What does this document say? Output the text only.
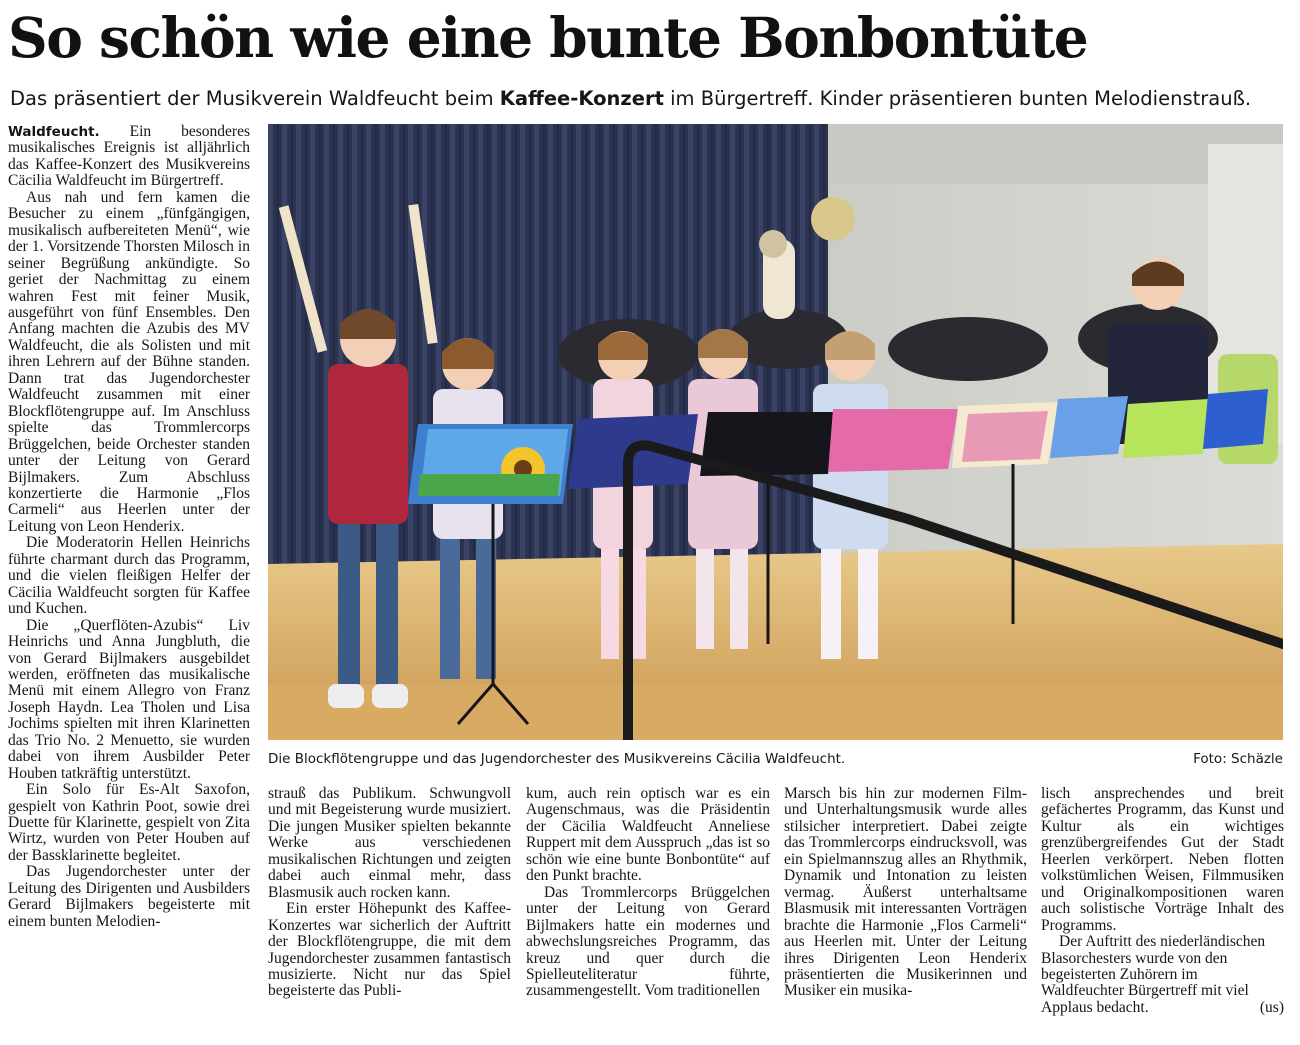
So schön wie eine bunte Bonbontüte

Das präsentiert der Musikverein Waldfeucht beim Kaffee-Konzert im Bürgertreff. Kinder präsentieren bunten Melodienstrauß.

Waldfeucht. Ein besonderes musikalisches Ereignis ist alljährlich das Kaffee-Konzert des Musikvereins Cäcilia Waldfeucht im Bürgertreff.

Aus nah und fern kamen die Besucher zu einem „fünfgängigen, musikalisch aufbereiteten Menü“, wie der 1. Vorsitzende Thorsten Milosch in seiner Begrüßung ankündigte. So geriet der Nachmittag zu einem wahren Fest mit feiner Musik, ausgeführt von fünf Ensembles. Den Anfang machten die Azubis des MV Waldfeucht, die als Solisten und mit ihren Lehrern auf der Bühne standen. Dann trat das Jugendorchester Waldfeucht zusammen mit einer Blockflötengruppe auf. Im Anschluss spielte das Trommlercorps Brüggelchen, beide Orchester standen unter der Leitung von Gerard Bijlmakers. Zum Abschluss konzertierte die Harmonie „Flos Carmeli“ aus Heerlen unter der Leitung von Leon Henderix.

Die Moderatorin Hellen Heinrichs führte charmant durch das Programm, und die vielen fleißigen Helfer der Cäcilia Waldfeucht sorgten für Kaffee und Kuchen.

Die „Querflöten-Azubis“ Liv Heinrichs und Anna Jungbluth, die von Gerard Bijlmakers ausgebildet werden, eröffneten das musikalische Menü mit einem Allegro von Franz Joseph Haydn. Lea Tholen und Lisa Jochims spielten mit ihren Klarinetten das Trio No. 2 Menuetto, sie wurden dabei von ihrem Ausbilder Peter Houben tatkräftig unterstützt.

Ein Solo für Es-Alt Saxofon, gespielt von Kathrin Poot, sowie drei Duette für Klarinette, gespielt von Zita Wirtz, wurden von Peter Houben auf der Bassklarinette begleitet.

Das Jugendorchester unter der Leitung des Dirigenten und Ausbilders Gerard Bijlmakers begeisterte mit einem bunten Melodien-

Die Blockflötengruppe und das Jugendorchester des Musikvereins Cäcilia Waldfeucht.	Foto: Schäzle

strauß das Publikum. Schwungvoll und mit Begeisterung wurde musiziert. Die jungen Musiker spielten bekannte Werke aus verschiedenen musikalischen Richtungen und zeigten dabei auch einmal mehr, dass Blasmusik auch rocken kann.

Ein erster Höhepunkt des Kaffee-Konzertes war sicherlich der Auftritt der Blockflötengruppe, die mit dem Jugendorchester zusammen fantastisch musizierte. Nicht nur das Spiel begeisterte das Publi-

kum, auch rein optisch war es ein Augenschmaus, was die Präsidentin der Cäcilia Waldfeucht Anneliese Ruppert mit dem Ausspruch „das ist so schön wie eine bunte Bonbontüte“ auf den Punkt brachte.

Das Trommlercorps Brüggelchen unter der Leitung von Gerard Bijlmakers hatte ein modernes und abwechslungsreiches Programm, das kreuz und quer durch die Spielleuteliteratur führte, zusammengestellt. Vom traditionellen

Marsch bis hin zur modernen Film- und Unterhaltungsmusik wurde alles stilsicher interpretiert. Dabei zeigte das Trommlercorps eindrucksvoll, was ein Spielmannszug alles an Rhythmik, Dynamik und Intonation zu leisten vermag. Äußerst unterhaltsame Blasmusik mit interessanten Vorträgen brachte die Harmonie „Flos Carmeli“ aus Heerlen mit. Unter der Leitung ihres Dirigenten Leon Henderix präsentierten die Musikerinnen und Musiker ein musika-

lisch ansprechendes und breit gefächertes Programm, das Kunst und Kultur als ein wichtiges grenzübergreifendes Gut der Stadt Heerlen verkörpert. Neben flotten volkstümlichen Weisen, Filmmusiken und Originalkompositionen waren auch solistische Vorträge Inhalt des Programms.

Der Auftritt des niederländischen Blasorchesters wurde von den begeisterten Zuhörern im Waldfeuchter Bürgertreff mit viel Applaus bedacht.	(us)
